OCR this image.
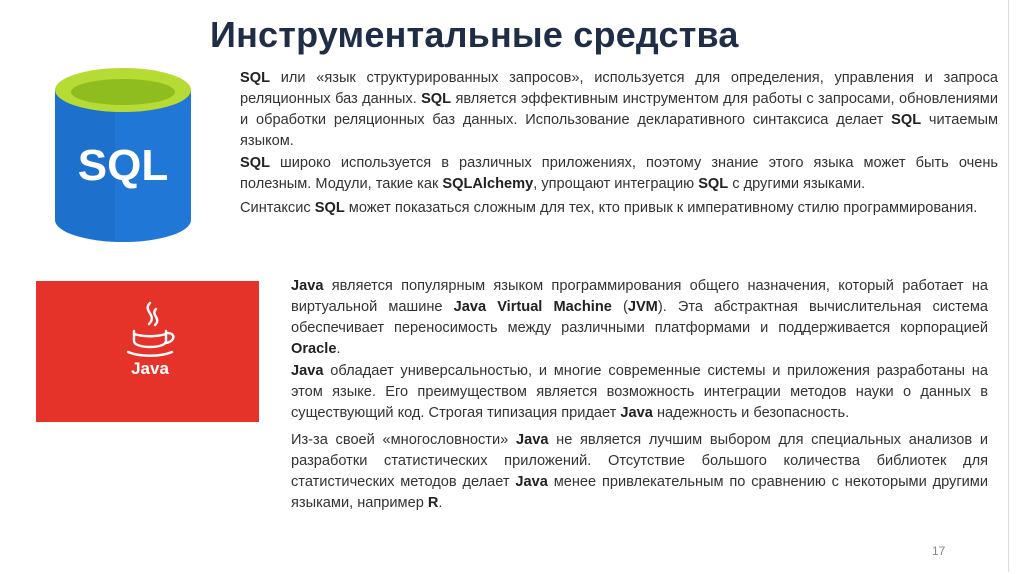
Инструментальные средства
SQL

SQL или «язык структурированных запросов», используется для определения, управления и запроса реляционных баз данных. SQL является эффективным инструментом для работы с запросами, обновлениями и обработки реляционных баз данных. Использование декларативного синтаксиса делает SQL читаемым языком.

SQL широко используется в различных приложениях, поэтому знание этого языка может быть очень полезным. Модули, такие как SQLAlchemy, упрощают интеграцию SQL с другими языками.

Синтаксис SQL может показаться сложным для тех, кто привык к императивному стилю программирования.

Java

Java является популярным языком программирования общего назначения, который работает на виртуальной машине Java Virtual Machine (JVM). Эта абстрактная вычислительная система обеспечивает переносимость между различными платформами и поддерживается корпорацией Oracle.

Java обладает универсальностью, и многие современные системы и приложения разработаны на этом языке. Его преимуществом является возможность интеграции методов науки о данных в существующий код. Строгая типизация придает Java надежность и безопасность.

Из-за своей «многословности» Java не является лучшим выбором для специальных анализов и разработки статистических приложений. Отсутствие большого количества библиотек для статистических методов делает Java менее привлекательным по сравнению с некоторыми другими языками, например R.

17
